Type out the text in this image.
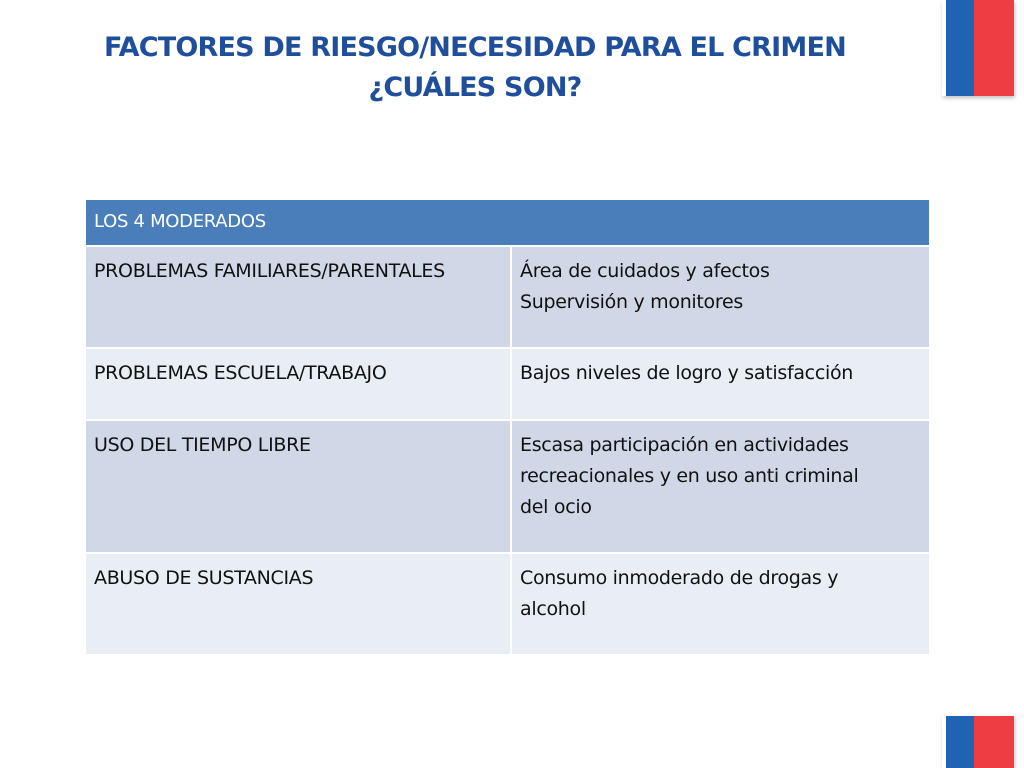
FACTORES DE RIESGO/NECESIDAD PARA EL CRIMEN
¿CUÁLES SON?
LOS 4 MODERADOS	
PROBLEMAS FAMILIARES/PARENTALES	Área de cuidados y afectos
Supervisión y monitores

PROBLEMAS ESCUELA/TRABAJO	Bajos niveles de logro y satisfacción

USO DEL TIEMPO LIBRE	Escasa participación en actividades
recreacionales y en uso anti criminal
del ocio

ABUSO DE SUSTANCIAS	Consumo inmoderado de drogas y
alcohol
